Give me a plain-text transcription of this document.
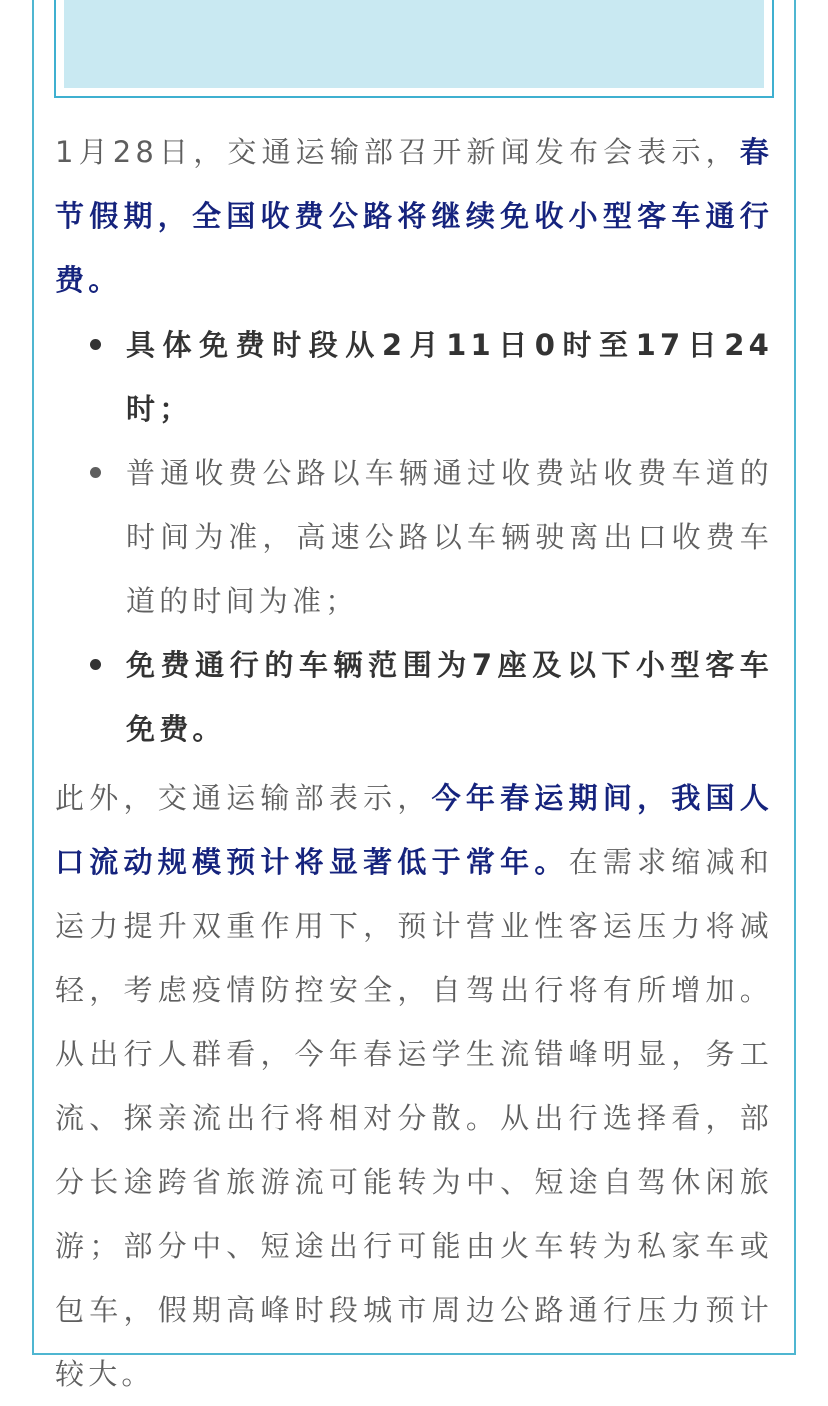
1月28日，交通运输部召开新闻发布会表示，春节假期，全国收费公路将继续免收小型客车通行费。

具体免费时段从2月11日0时至17日24时；
普通收费公路以车辆通过收费站收费车道的时间为准，高速公路以车辆驶离出口收费车道的时间为准；
免费通行的车辆范围为7座及以下小型客车免费。

此外，交通运输部表示，今年春运期间，我国人口流动规模预计将显著低于常年。在需求缩减和运力提升双重作用下，预计营业性客运压力将减轻，考虑疫情防控安全，自驾出行将有所增加。从出行人群看，今年春运学生流错峰明显，务工流、探亲流出行将相对分散。从出行选择看，部分长途跨省旅游流可能转为中、短途自驾休闲旅游；部分中、短途出行可能由火车转为私家车或包车，假期高峰时段城市周边公路通行压力预计较大。
